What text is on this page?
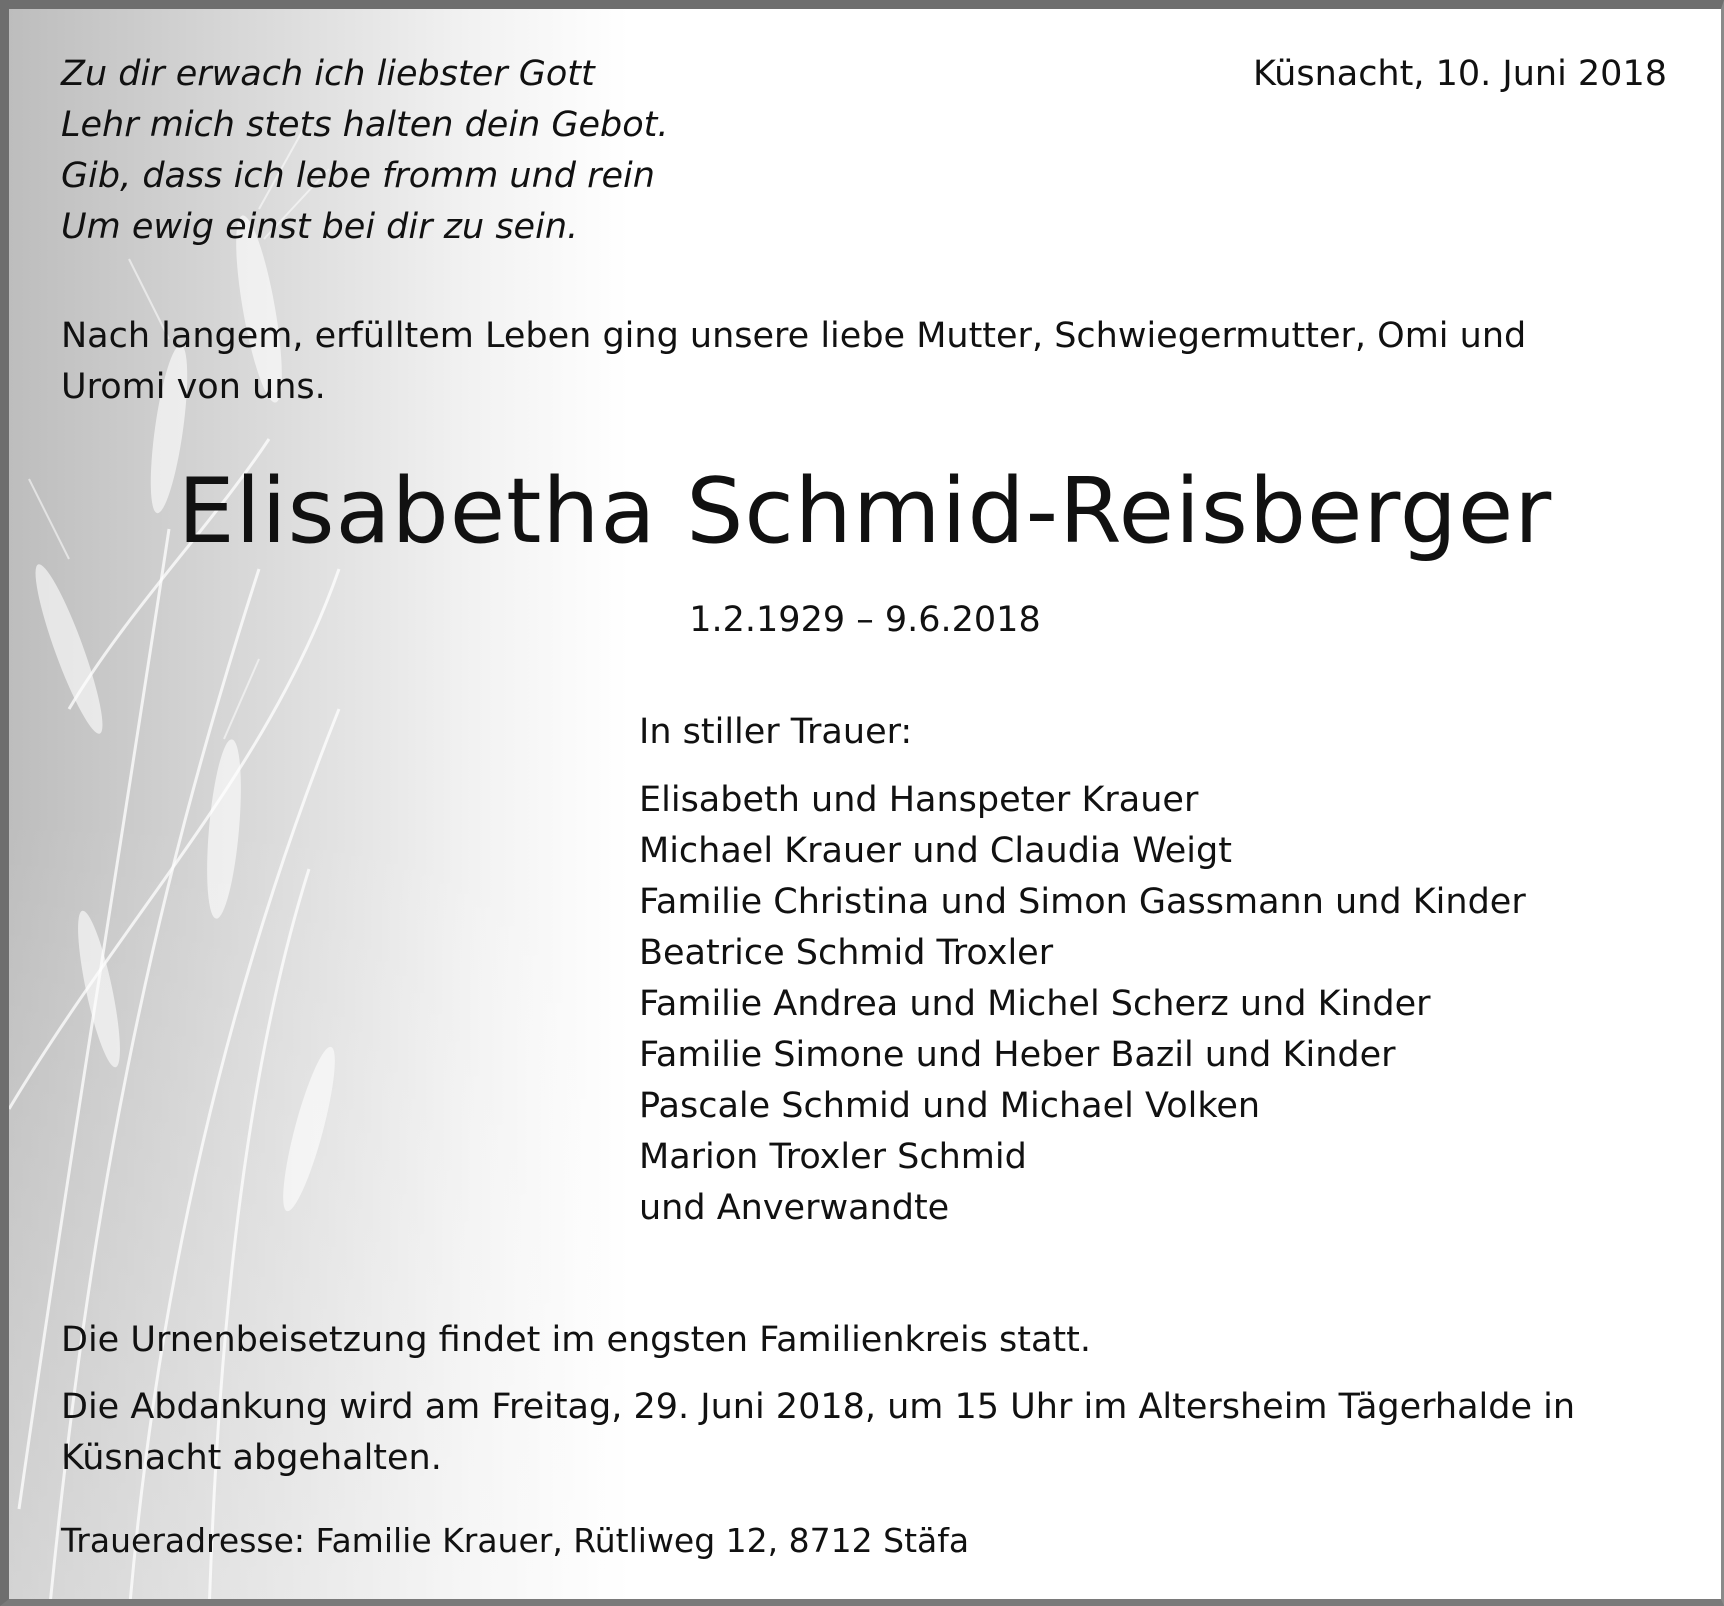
Zu dir erwach ich liebster Gott
Lehr mich stets halten dein Gebot.
Gib, dass ich lebe fromm und rein
Um ewig einst bei dir zu sein.
Küsnacht, 10. Juni 2018
Nach langem, erfülltem Leben ging unsere liebe Mutter, Schwiegermutter, Omi und
Uromi von uns.
Elisabetha Schmid-Reisberger
1.2.1929 – 9.6.2018
In stiller Trauer:
Elisabeth und Hanspeter Krauer
Michael Krauer und Claudia Weigt
Familie Christina und Simon Gassmann und Kinder
Beatrice Schmid Troxler
Familie Andrea und Michel Scherz und Kinder
Familie Simone und Heber Bazil und Kinder
Pascale Schmid und Michael Volken
Marion Troxler Schmid
und Anverwandte
Die Urnenbeisetzung findet im engsten Familienkreis statt.
Die Abdankung wird am Freitag, 29. Juni 2018, um 15 Uhr im Altersheim Tägerhalde in
Küsnacht abgehalten.
Traueradresse: Familie Krauer, Rütliweg 12, 8712 Stäfa
